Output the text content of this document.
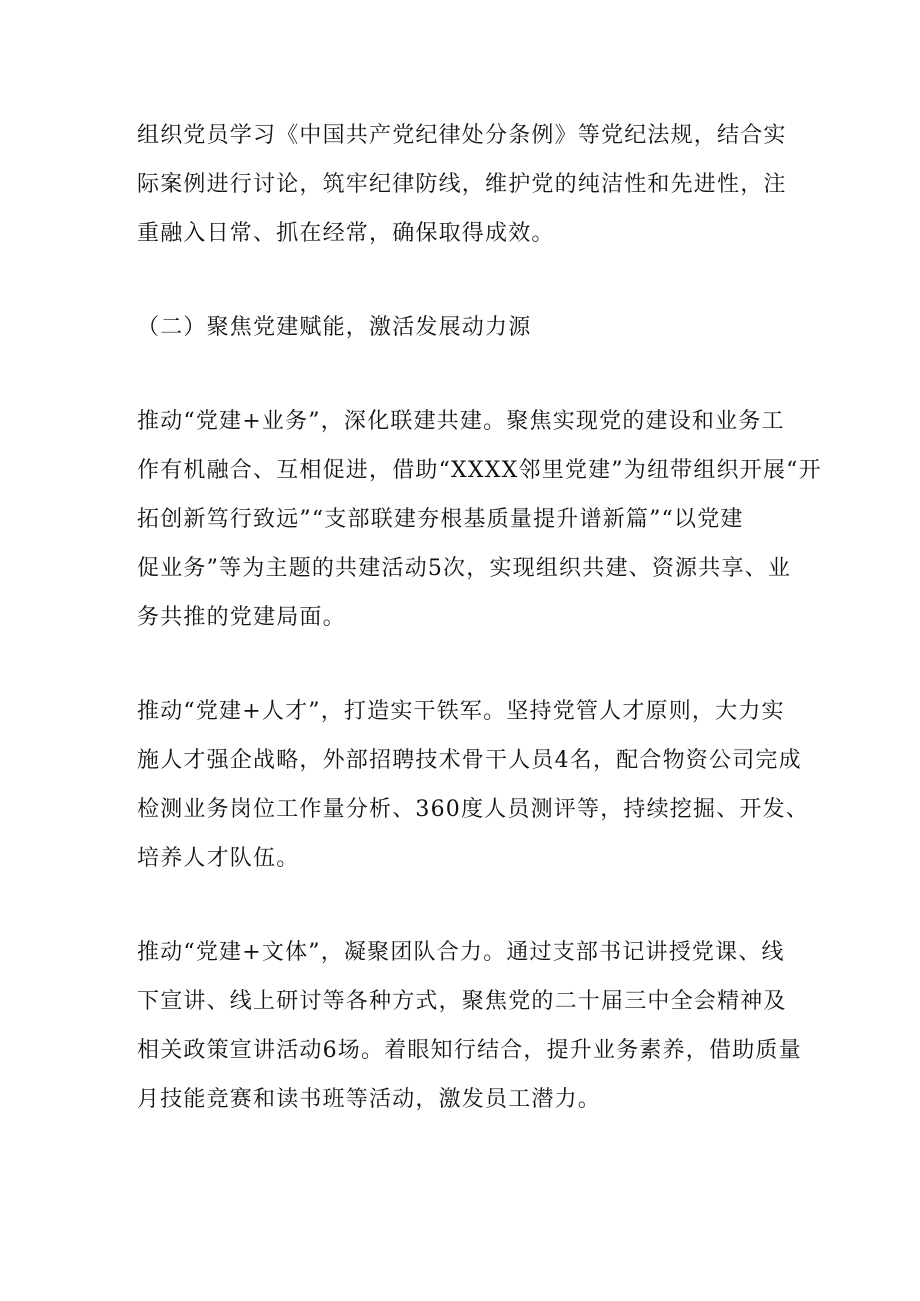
组织党员学习《中国共产党纪律处分条例》等党纪法规，结合实
际案例进行讨论，筑牢纪律防线，维护党的纯洁性和先进性，注
重融入日常、抓在经常，确保取得成效。
（二）聚焦党建赋能，激活发展动力源
推动“党建+业务”，深化联建共建。聚焦实现党的建设和业务工
作有机融合、互相促进，借助“XXXX邻里党建”为纽带组织开展“开
拓创新笃行致远”“支部联建夯根基质量提升谱新篇”“以党建
促业务”等为主题的共建活动5次，实现组织共建、资源共享、业
务共推的党建局面。
推动“党建+人才”，打造实干铁军。坚持党管人才原则，大力实
施人才强企战略，外部招聘技术骨干人员4名，配合物资公司完成
检测业务岗位工作量分析、360度人员测评等，持续挖掘、开发、
培养人才队伍。
推动“党建+文体”，凝聚团队合力。通过支部书记讲授党课、线
下宣讲、线上研讨等各种方式，聚焦党的二十届三中全会精神及
相关政策宣讲活动6场。着眼知行结合，提升业务素养，借助质量
月技能竞赛和读书班等活动，激发员工潜力。
